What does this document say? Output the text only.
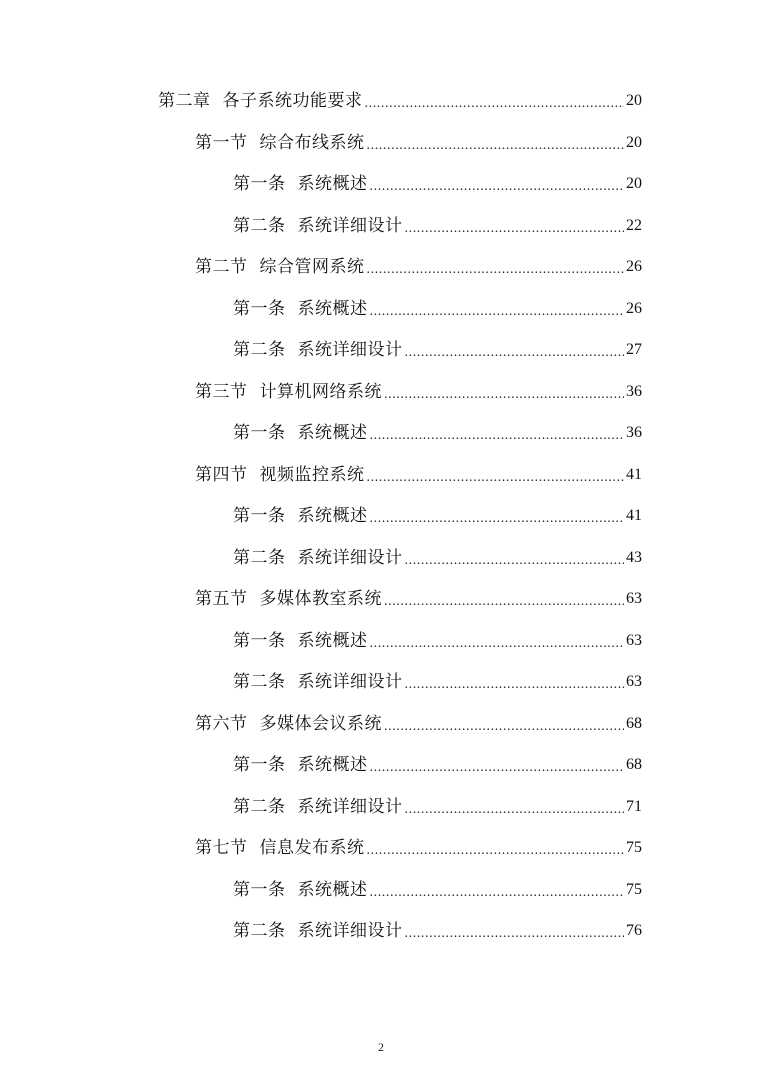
第二章 各子系统功能要求 .....	20
第一节 综合布线系统 .....	20
第一条 系统概述 .....	20
第二条 系统详细设计 .....	22
第二节 综合管网系统 .....	26
第一条 系统概述 .....	26
第二条 系统详细设计 .....	27
第三节 计算机网络系统 .....	36
第一条 系统概述 .....	36
第四节 视频监控系统 .....	41
第一条 系统概述 .....	41
第二条 系统详细设计 .....	43
第五节 多媒体教室系统 .....	63
第一条 系统概述 .....	63
第二条 系统详细设计 .....	63
第六节 多媒体会议系统 .....	68
第一条 系统概述 .....	68
第二条 系统详细设计 .....	71
第七节 信息发布系统 .....	75
第一条 系统概述 .....	75
第二条 系统详细设计 .....	76
2
